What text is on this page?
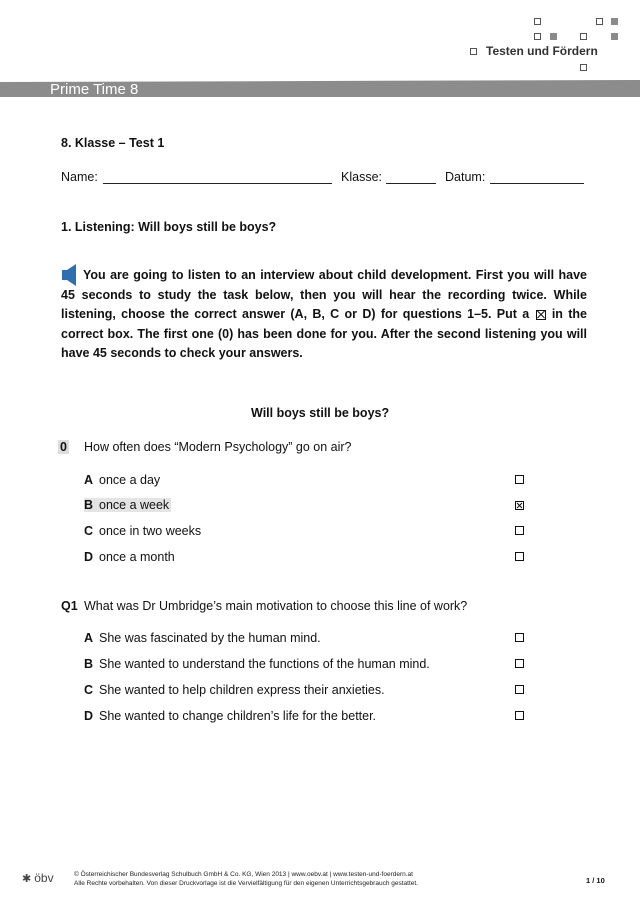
Testen und Fördern
Prime Time 8
8. Klasse – Test 1
Name:	Klasse:	Datum:
1. Listening: Will boys still be boys?
You are going to listen to an interview about child development. First you will have 45 seconds to study the task below, then you will hear the recording twice. While listening, choose the correct answer (A, B, C or D) for questions 1–5. Put a in the correct box. The first one (0) has been done for you. After the second listening you will have 45 seconds to check your answers.
Will boys still be boys?
0 How often does “Modern Psychology” go on air?
A once a day
B once a week
C once in two weeks
D once a month
Q1 What was Dr Umbridge’s main motivation to choose this line of work?
A She was fascinated by the human mind.
B She wanted to understand the functions of the human mind.
C She wanted to help children express their anxieties.
D She wanted to change children’s life for the better.
✱ öbv	© Österreichischer Bundesverlag Schulbuch GmbH & Co. KG, Wien 2013 | www.oebv.at | www.testen-und-foerdern.at
Alle Rechte vorbehalten. Von dieser Druckvorlage ist die Vervielfältigung für den eigenen Unterrichtsgebrauch gestattet.	1 / 10
